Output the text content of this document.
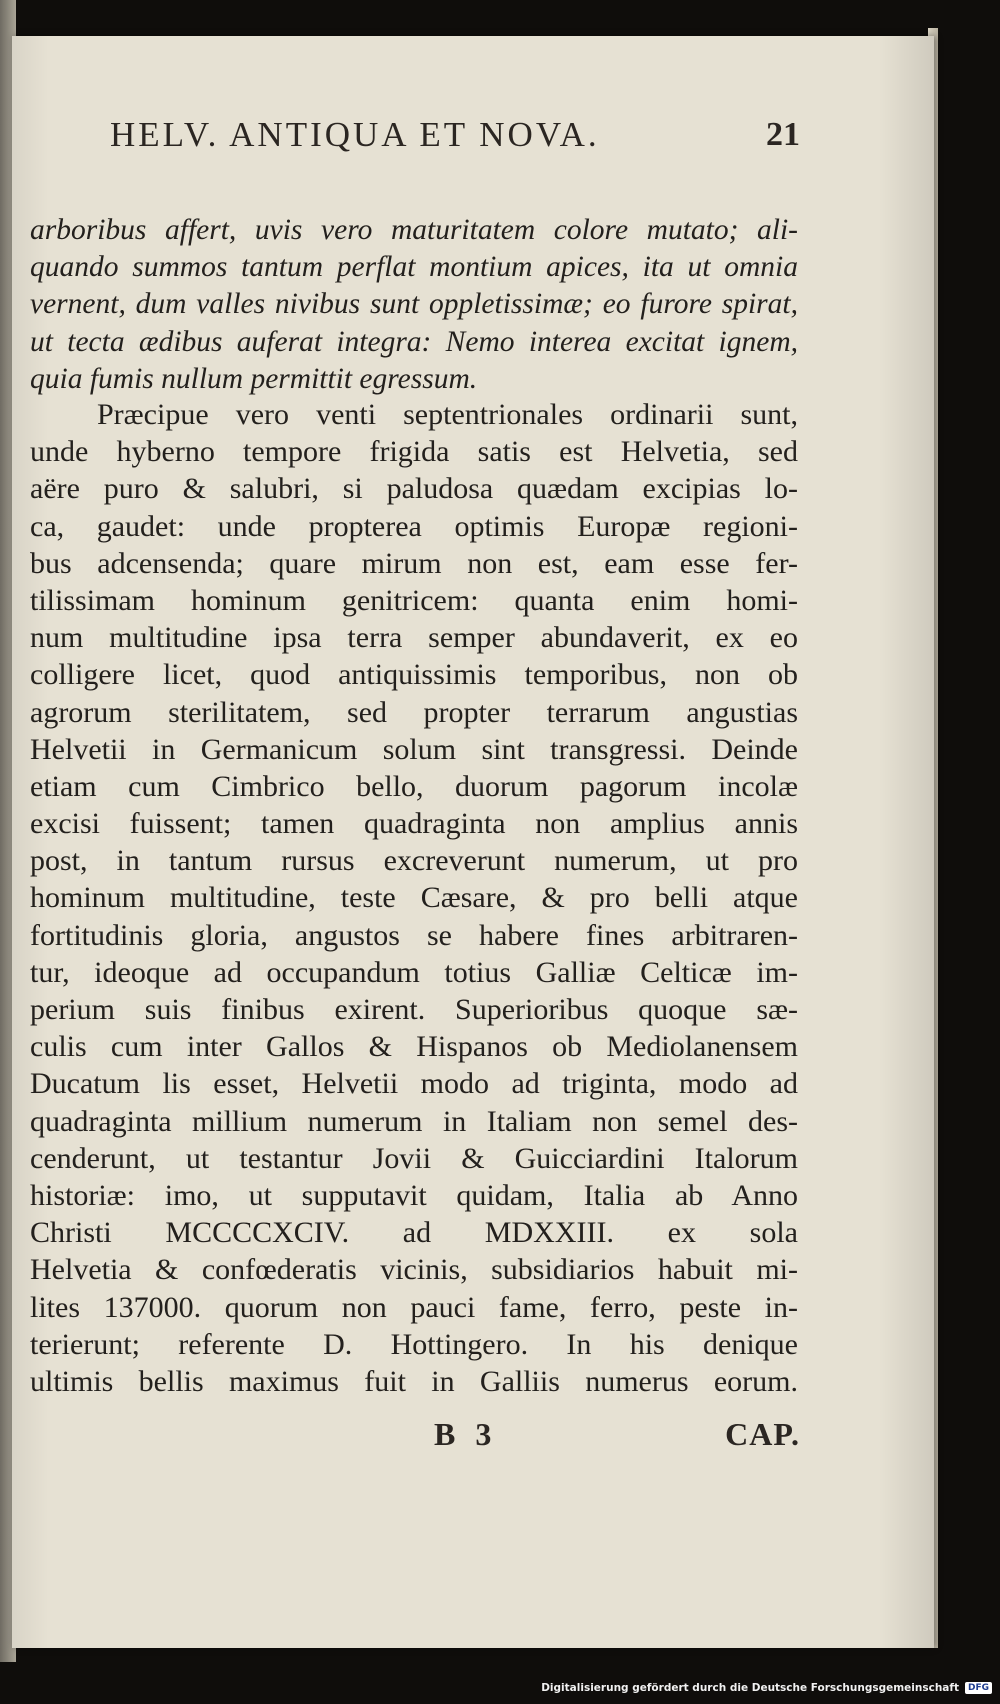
HELV. ANTIQUA ET NOVA.	21
arboribus affert, uvis vero maturitatem colore mutato; ali-
quando summos tantum perflat montium apices, ita ut omnia
vernent, dum valles nivibus sunt oppletissimæ; eo furore spirat,
ut tecta ædibus auferat integra: Nemo interea excitat ignem,
quia fumis nullum permittit egressum.
Præcipue vero venti septentrionales ordinarii sunt,
unde hyberno tempore frigida satis est Helvetia, sed
aëre puro & salubri, si paludosa quædam excipias lo-
ca, gaudet: unde propterea optimis Europæ regioni-
bus adcensenda; quare mirum non est, eam esse fer-
tilissimam hominum genitricem: quanta enim homi-
num multitudine ipsa terra semper abundaverit, ex eo
colligere licet, quod antiquissimis temporibus, non ob
agrorum sterilitatem, sed propter terrarum angustias
Helvetii in Germanicum solum sint transgressi. Deinde
etiam cum Cimbrico bello, duorum pagorum incolæ
excisi fuissent; tamen quadraginta non amplius annis
post, in tantum rursus excreverunt numerum, ut pro
hominum multitudine, teste Cæsare, & pro belli atque
fortitudinis gloria, angustos se habere fines arbitraren-
tur, ideoque ad occupandum totius Galliæ Celticæ im-
perium suis finibus exirent. Superioribus quoque sæ-
culis cum inter Gallos & Hispanos ob Mediolanensem
Ducatum lis esset, Helvetii modo ad triginta, modo ad
quadraginta millium numerum in Italiam non semel des-
cenderunt, ut testantur Jovii & Guicciardini Italorum
historiæ: imo, ut supputavit quidam, Italia ab Anno
Christi MCCCCXCIV. ad MDXXIII. ex sola
Helvetia & confœderatis vicinis, subsidiarios habuit mi-
lites 137000. quorum non pauci fame, ferro, peste in-
terierunt; referente D. Hottingero. In his denique
ultimis bellis maximus fuit in Galliis numerus eorum.
B 3	CAP.
Digitalisierung gefördert durch die Deutsche Forschungsgemeinschaft	DFG
